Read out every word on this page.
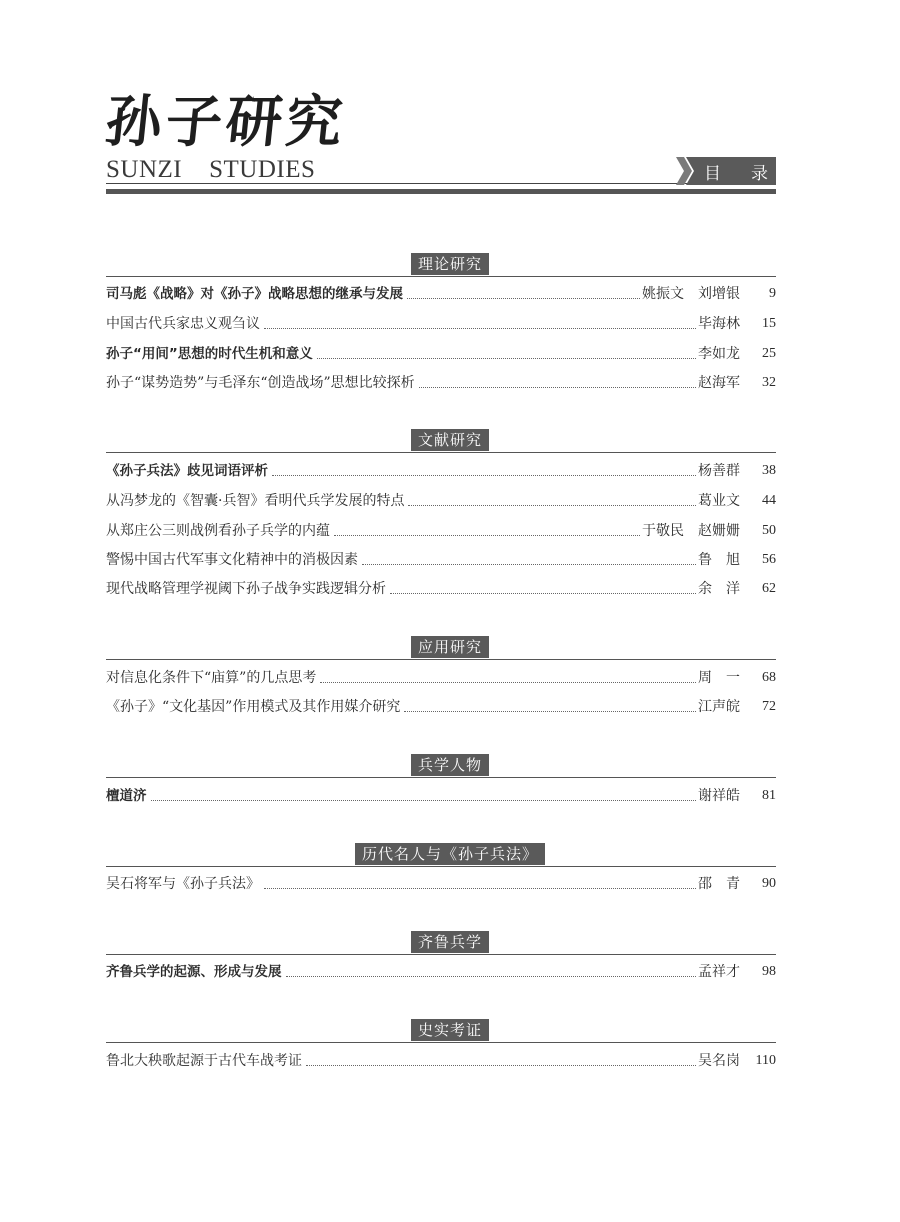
孙子研究
SUNZI    STUDIES	目 录
理论研究
司马彪《战略》对《孙子》战略思想的继承与发展	姚振文　刘增银	9
中国古代兵家忠义观刍议	毕海林	15
孙子“用间”思想的时代生机和意义	李如龙	25
孙子“谋势造势”与毛泽东“创造战场”思想比较探析	赵海军	32
文献研究
《孙子兵法》歧见词语评析	杨善群	38
从冯梦龙的《智囊·兵智》看明代兵学发展的特点	葛业文	44
从郑庄公三则战例看孙子兵学的内蕴	于敬民　赵姗姗	50
警惕中国古代军事文化精神中的消极因素	鲁　旭	56
现代战略管理学视阈下孙子战争实践逻辑分析	余　洋	62
应用研究
对信息化条件下“庙算”的几点思考	周　一	68
《孙子》“文化基因”作用模式及其作用媒介研究	江声皖	72
兵学人物
檀道济	谢祥皓	81
历代名人与《孙子兵法》
吴石将军与《孙子兵法》	邵　青	90
齐鲁兵学
齐鲁兵学的起源、形成与发展	孟祥才	98
史实考证
鲁北大秧歌起源于古代车战考证	吴名岗	110
